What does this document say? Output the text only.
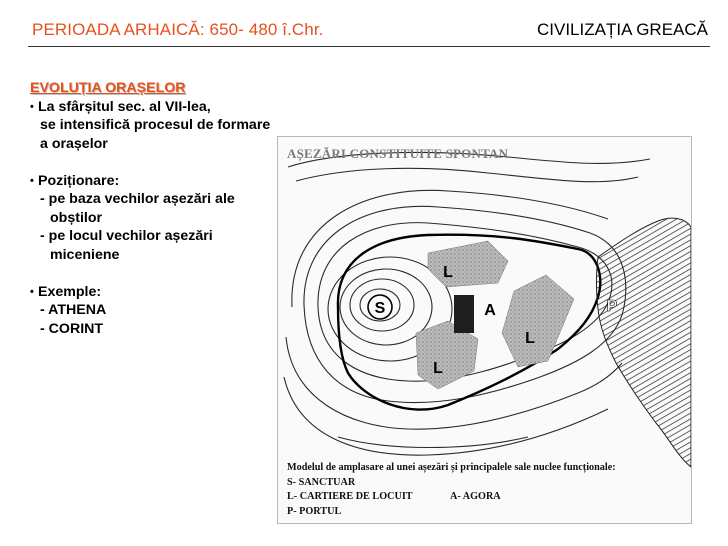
PERIOADA ARHAICĂ: 650- 480 î.Chr.	CIVILIZAȚIA GREACĂ
EVOLUȚIA ORAȘELOR
• La sfârșitul sec. al VII-lea,
se intensifică procesul de formare
a orașelor
• Poziționare:
- pe baza vechilor așezări ale
obștilor
- pe locul vechilor așezări
miceniene
• Exemple:
- ATHENA
- CORINT
S
L
A
L
L
P
AȘEZĂRI CONSTITUITE SPONTAN
Modelul de amplasare al unei așezări și principalele sale nuclee funcționale:
S- SANCTUAR
L- CARTIERE DE LOCUIT
P- PORTUL
A- AGORA
